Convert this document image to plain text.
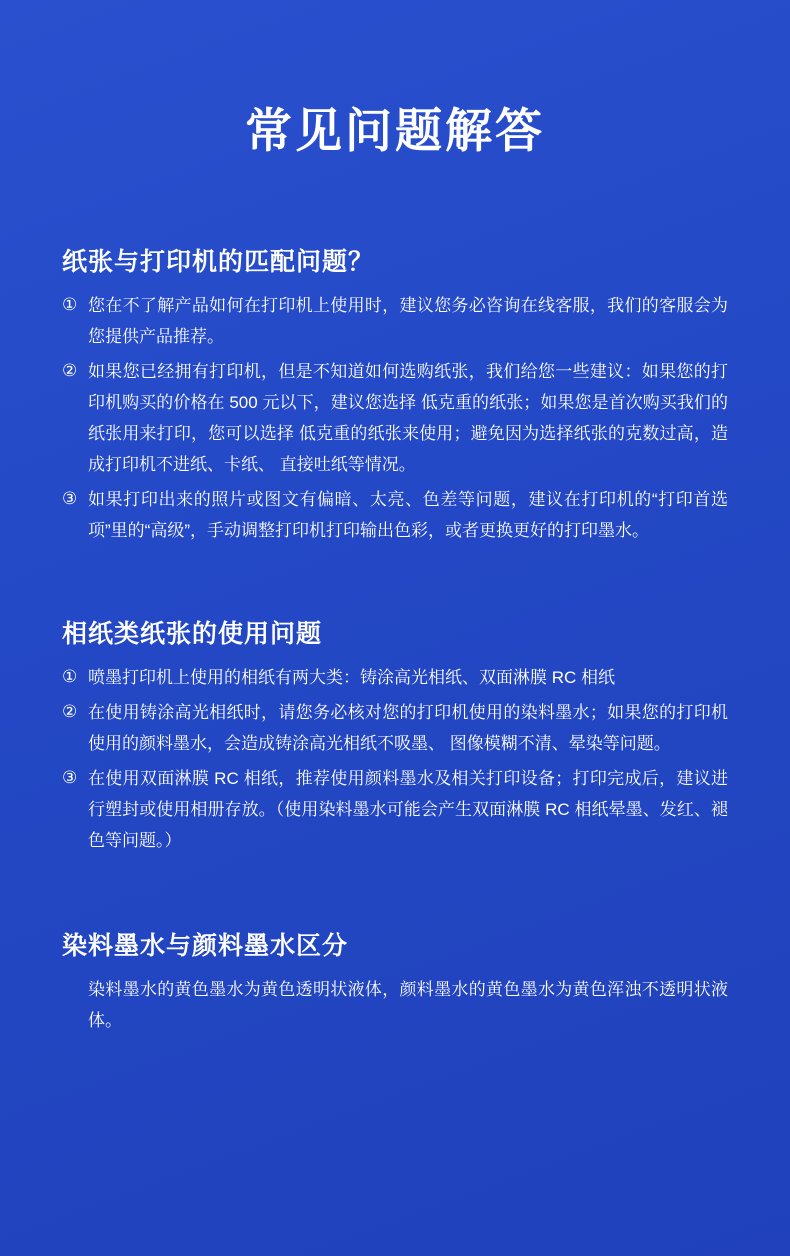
常见问题解答
纸张与打印机的匹配问题？
① 您在不了解产品如何在打印机上使用时，建议您务必咨询在线客服，我们的客服会为您提供产品推荐。
② 如果您已经拥有打印机，但是不知道如何选购纸张，我们给您一些建议：如果您的打印机购买的价格在 500 元以下，建议您选择 低克重的纸张；如果您是首次购买我们的纸张用来打印，您可以选择 低克重的纸张来使用；避免因为选择纸张的克数过高，造成打印机不进纸、卡纸、 直接吐纸等情况。
③ 如果打印出来的照片或图文有偏暗、太亮、色差等问题，建议在打印机的“打印首选项”里的“高级”，手动调整打印机打印输出色彩，或者更换更好的打印墨水。
相纸类纸张的使用问题
① 喷墨打印机上使用的相纸有两大类：铸涂高光相纸、双面淋膜 RC 相纸
② 在使用铸涂高光相纸时，请您务必核对您的打印机使用的染料墨水；如果您的打印机使用的颜料墨水，会造成铸涂高光相纸不吸墨、 图像模糊不清、晕染等问题。
③ 在使用双面淋膜 RC 相纸，推荐使用颜料墨水及相关打印设备；打印完成后，建议进行塑封或使用相册存放。（使用染料墨水可能会产生双面淋膜 RC 相纸晕墨、发红、褪色等问题。）
染料墨水与颜料墨水区分

染料墨水的黄色墨水为黄色透明状液体，颜料墨水的黄色墨水为黄色浑浊不透明状液体。
